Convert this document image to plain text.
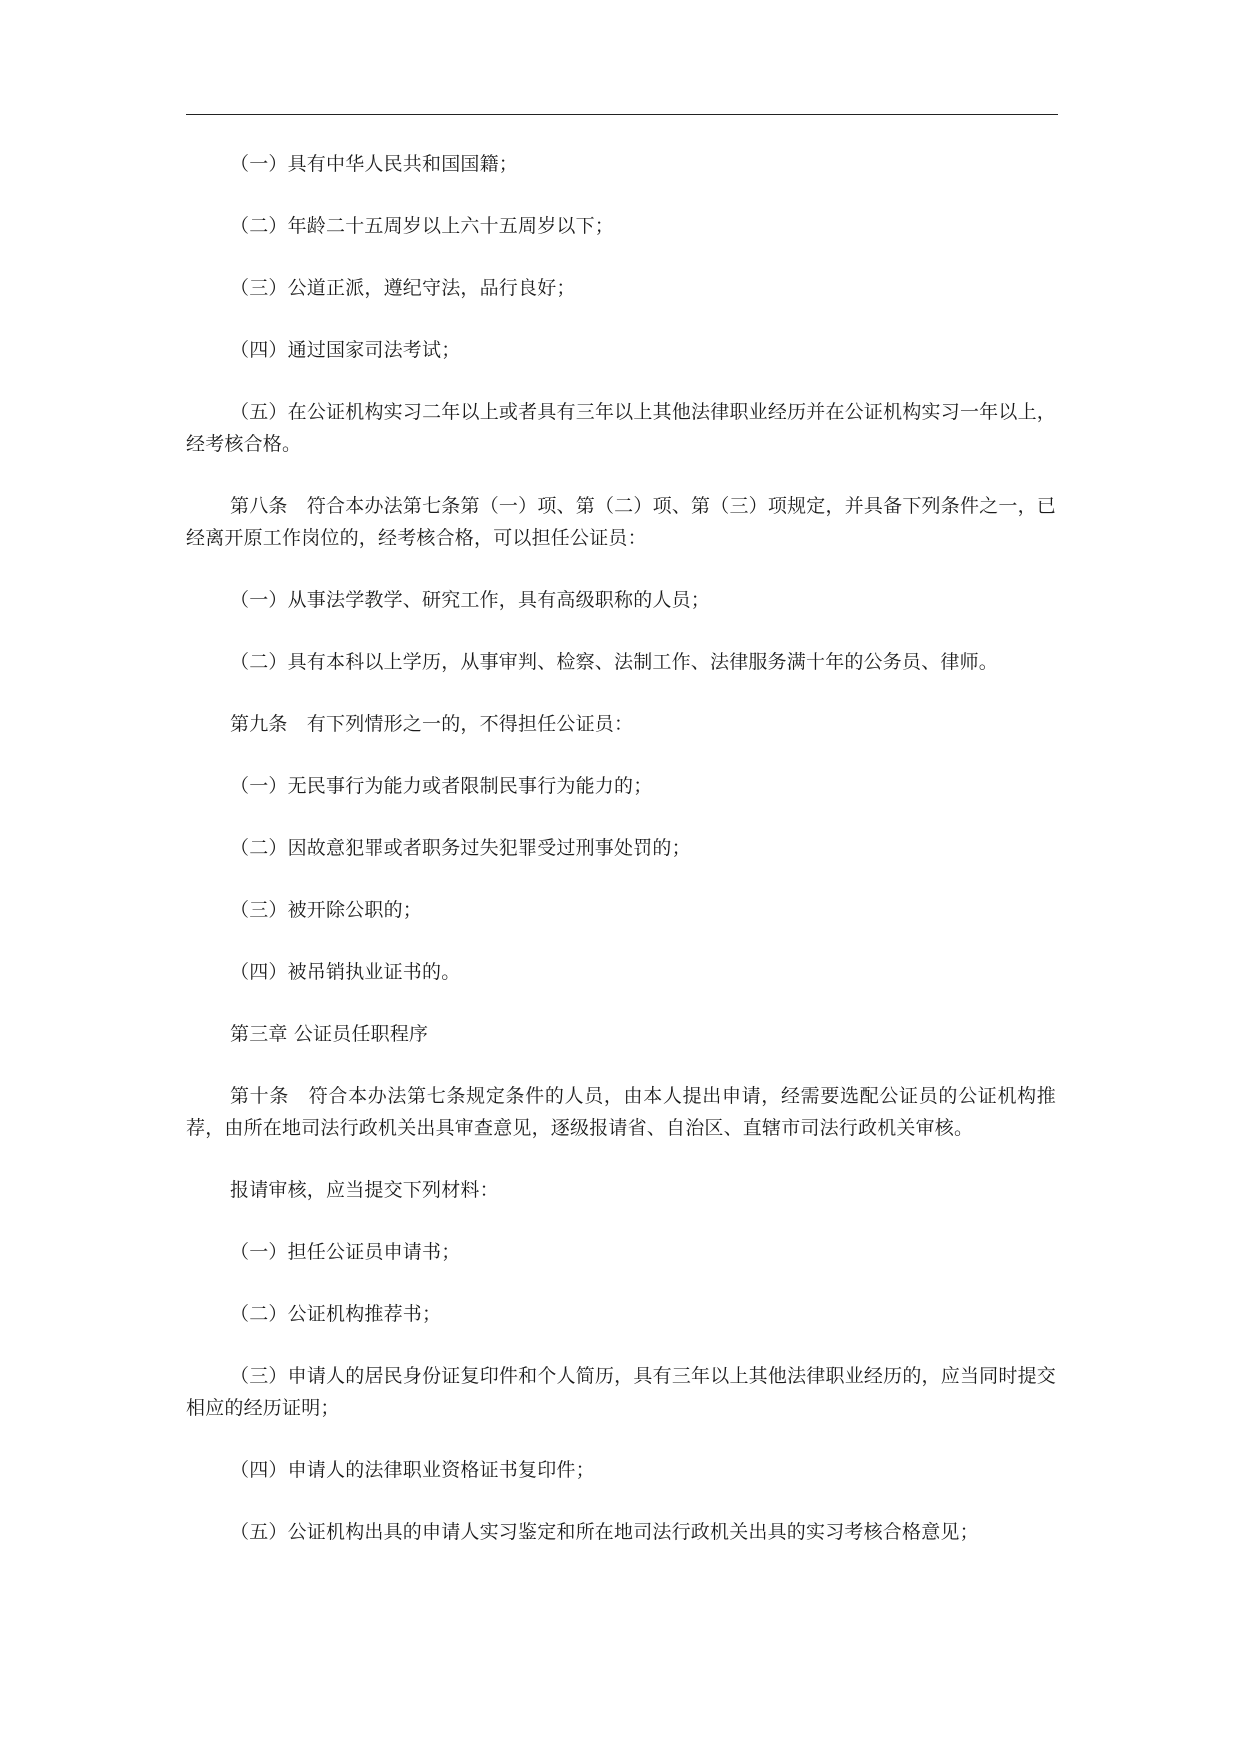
（一）具有中华人民共和国国籍；

（二）年龄二十五周岁以上六十五周岁以下；

（三）公道正派，遵纪守法，品行良好；

（四）通过国家司法考试；

（五）在公证机构实习二年以上或者具有三年以上其他法律职业经历并在公证机构实习一年以上，经考核合格。

第八条　符合本办法第七条第（一）项、第（二）项、第（三）项规定，并具备下列条件之一，已经离开原工作岗位的，经考核合格，可以担任公证员：

（一）从事法学教学、研究工作，具有高级职称的人员；

（二）具有本科以上学历，从事审判、检察、法制工作、法律服务满十年的公务员、律师。

第九条　有下列情形之一的，不得担任公证员：

（一）无民事行为能力或者限制民事行为能力的；

（二）因故意犯罪或者职务过失犯罪受过刑事处罚的；

（三）被开除公职的；

（四）被吊销执业证书的。

第三章 公证员任职程序

第十条　符合本办法第七条规定条件的人员，由本人提出申请，经需要选配公证员的公证机构推荐，由所在地司法行政机关出具审查意见，逐级报请省、自治区、直辖市司法行政机关审核。

报请审核，应当提交下列材料：

（一）担任公证员申请书；

（二）公证机构推荐书；

（三）申请人的居民身份证复印件和个人简历，具有三年以上其他法律职业经历的，应当同时提交相应的经历证明；

（四）申请人的法律职业资格证书复印件；

（五）公证机构出具的申请人实习鉴定和所在地司法行政机关出具的实习考核合格意见；
